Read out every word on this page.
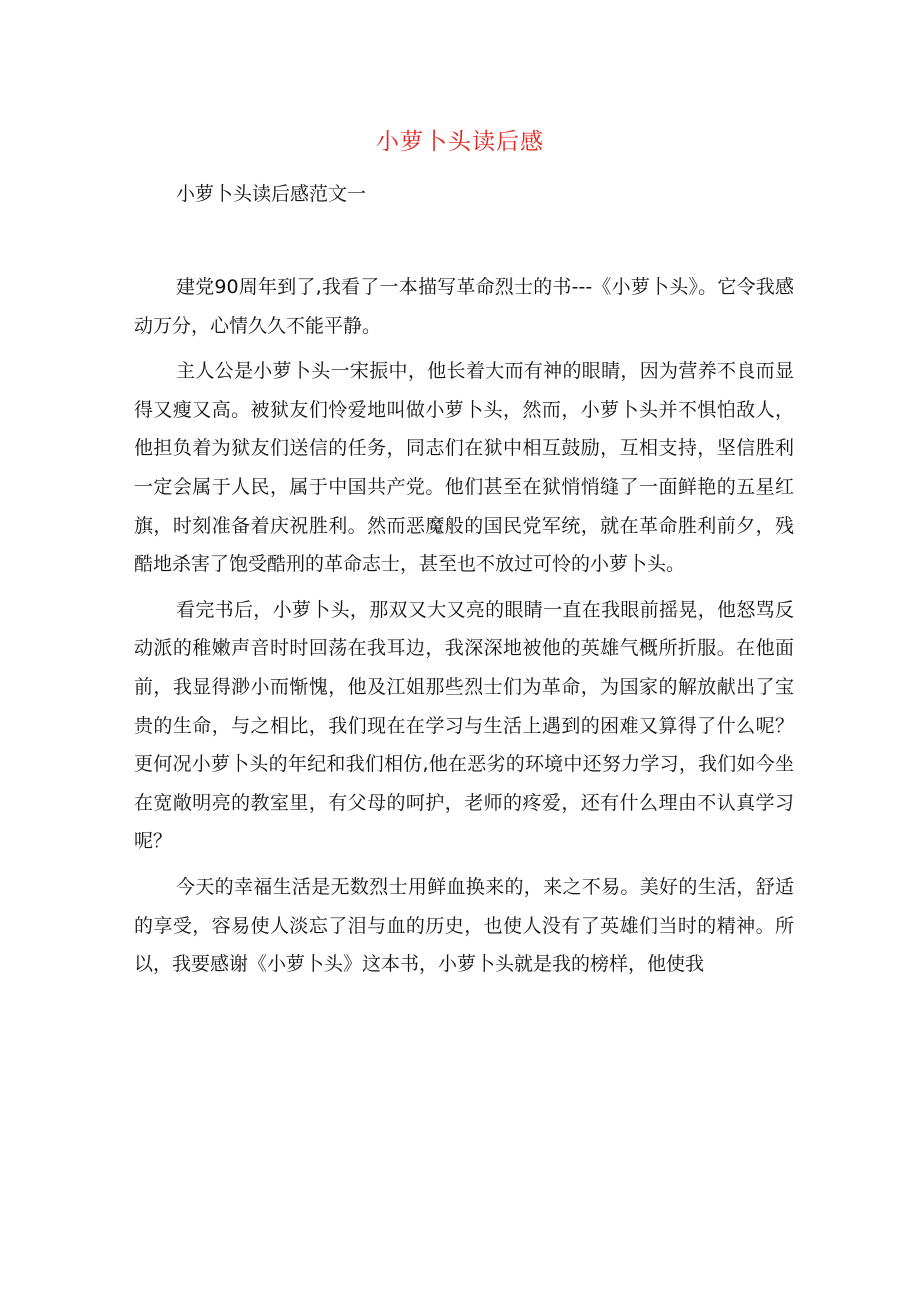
小萝卜头读后感
小萝卜头读后感范文一

建党90周年到了,我看了一本描写革命烈士的书---《小萝卜头》。它令我感动万分，心情久久不能平静。

主人公是小萝卜头一宋振中，他长着大而有神的眼睛，因为营养不良而显得又瘦又高。被狱友们怜爱地叫做小萝卜头，然而，小萝卜头并不惧怕敌人，他担负着为狱友们送信的任务，同志们在狱中相互鼓励，互相支持，坚信胜利一定会属于人民，属于中国共产党。他们甚至在狱悄悄缝了一面鲜艳的五星红旗，时刻准备着庆祝胜利。然而恶魔般的国民党军统，就在革命胜利前夕，残酷地杀害了饱受酷刑的革命志士，甚至也不放过可怜的小萝卜头。

看完书后，小萝卜头，那双又大又亮的眼睛一直在我眼前摇晃，他怒骂反动派的稚嫩声音时时回荡在我耳边，我深深地被他的英雄气概所折服。在他面前，我显得渺小而惭愧，他及江姐那些烈士们为革命，为国家的解放献出了宝贵的生命，与之相比，我们现在在学习与生活上遇到的困难又算得了什么呢？更何况小萝卜头的年纪和我们相仿,他在恶劣的环境中还努力学习，我们如今坐在宽敞明亮的教室里，有父母的呵护，老师的疼爱，还有什么理由不认真学习呢？

今天的幸福生活是无数烈士用鲜血换来的，来之不易。美好的生活，舒适的享受，容易使人淡忘了泪与血的历史，也使人没有了英雄们当时的精神。所以，我要感谢《小萝卜头》这本书，小萝卜头就是我的榜样，他使我
